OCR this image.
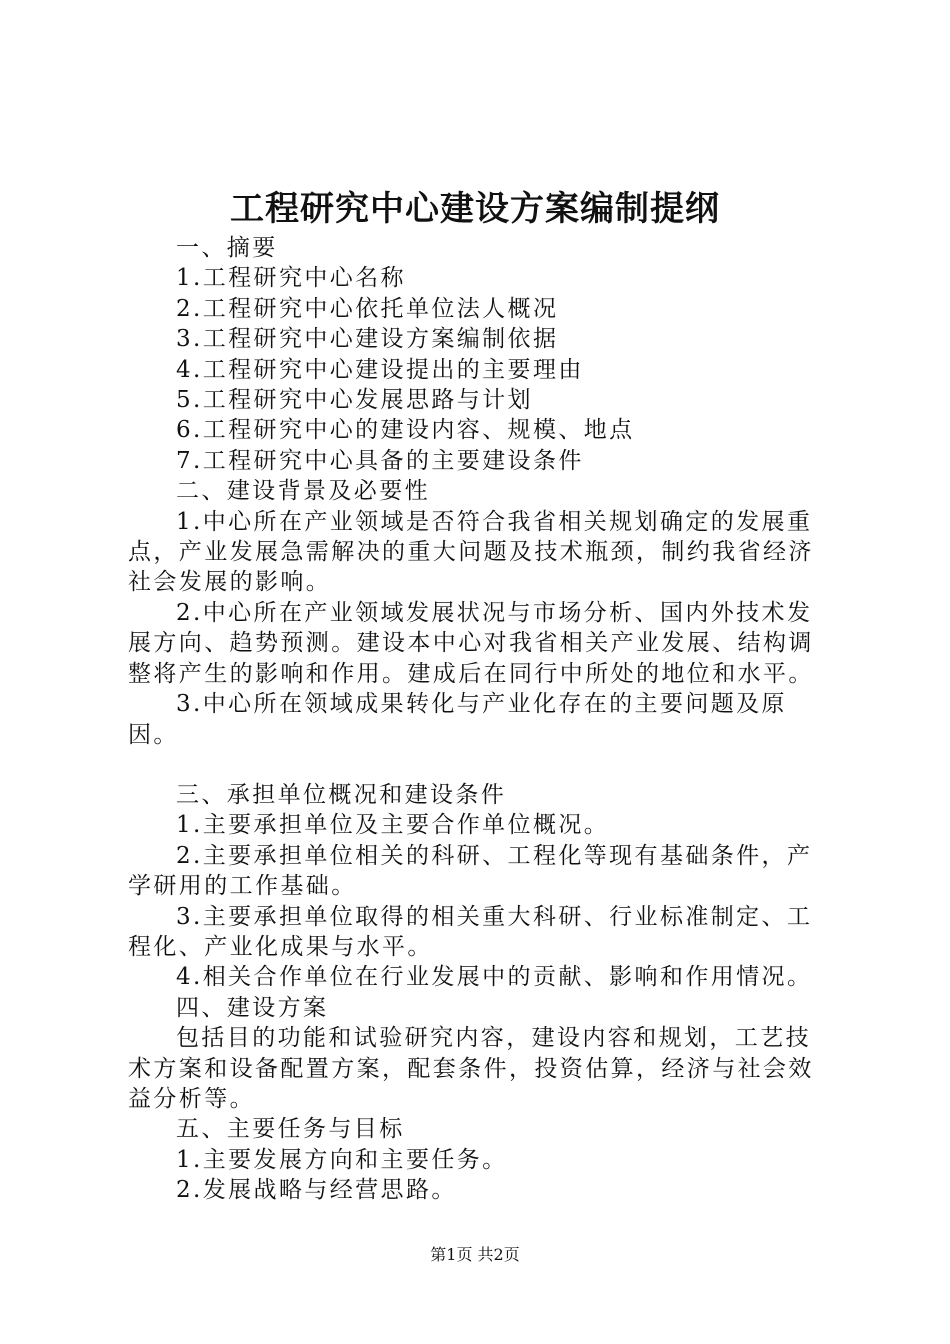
工程研究中心建设方案编制提纲

一、摘要

1.工程研究中心名称

2.工程研究中心依托单位法人概况

3.工程研究中心建设方案编制依据

4.工程研究中心建设提出的主要理由

5.工程研究中心发展思路与计划

6.工程研究中心的建设内容、规模、地点

7.工程研究中心具备的主要建设条件

二、建设背景及必要性

1.中心所在产业领域是否符合我省相关规划确定的发展重点，产业发展急需解决的重大问题及技术瓶颈，制约我省经济社会发展的影响。

2.中心所在产业领域发展状况与市场分析、国内外技术发展方向、趋势预测。建设本中心对我省相关产业发展、结构调整将产生的影响和作用。建成后在同行中所处的地位和水平。

3.中心所在领域成果转化与产业化存在的主要问题及原因。

三、承担单位概况和建设条件

1.主要承担单位及主要合作单位概况。

2.主要承担单位相关的科研、工程化等现有基础条件，产学研用的工作基础。

3.主要承担单位取得的相关重大科研、行业标准制定、工程化、产业化成果与水平。

4.相关合作单位在行业发展中的贡献、影响和作用情况。

四、建设方案

包括目的功能和试验研究内容，建设内容和规划，工艺技术方案和设备配置方案，配套条件，投资估算，经济与社会效益分析等。

五、主要任务与目标

1.主要发展方向和主要任务。

2.发展战略与经营思路。

第1页 共2页
